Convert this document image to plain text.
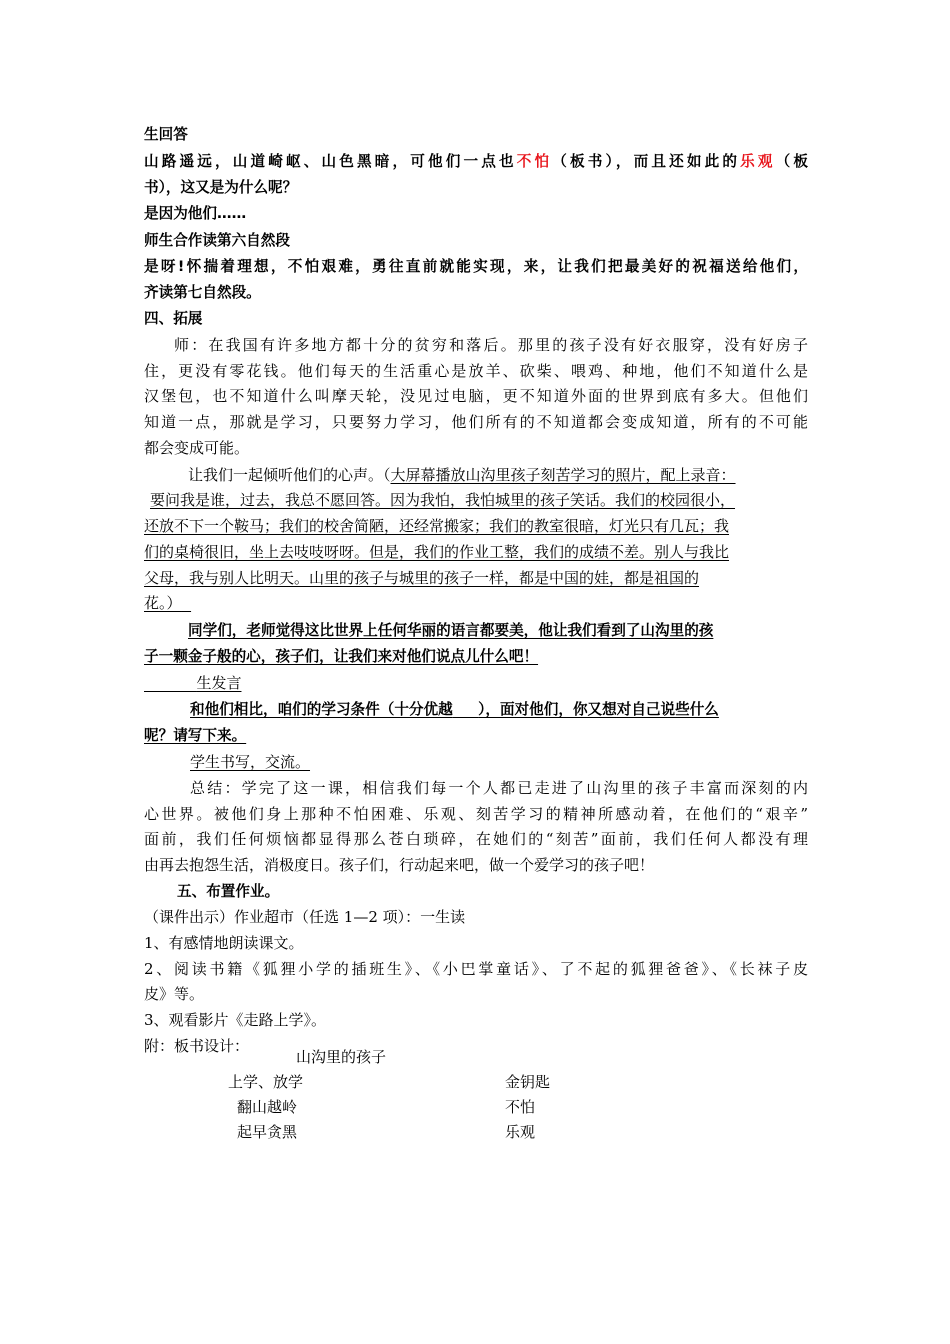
生回答
山路遥远，山道崎岖、山色黑暗，可他们一点也不怕（板书），而且还如此的乐观（板
书），这又是为什么呢？
是因为他们……
师生合作读第六自然段
是呀!怀揣着理想，不怕艰难，勇往直前就能实现，来，让我们把最美好的祝福送给他们，
齐读第七自然段。
四、拓展
师：在我国有许多地方都十分的贫穷和落后。那里的孩子没有好衣服穿，没有好房子
住，更没有零花钱。他们每天的生活重心是放羊、砍柴、喂鸡、种地，他们不知道什么是
汉堡包，也不知道什么叫摩天轮，没见过电脑，更不知道外面的世界到底有多大。但他们
知道一点，那就是学习，只要努力学习，他们所有的不知道都会变成知道，所有的不可能
都会变成可能。
让我们一起倾听他们的心声。（大屏幕播放山沟里孩子刻苦学习的照片，配上录音：
要问我是谁，过去，我总不愿回答。因为我怕，我怕城里的孩子笑话。我们的校园很小，
还放不下一个鞍马；我们的校舍简陋，还经常搬家；我们的教室很暗，灯光只有几瓦；我
们的桌椅很旧，坐上去吱吱呀呀。但是，我们的作业工整，我们的成绩不差。别人与我比
父母，我与别人比明天。山里的孩子与城里的孩子一样，都是中国的娃，都是祖国的
花。）
同学们，老师觉得这比世界上任何华丽的语言都要美，他让我们看到了山沟里的孩
子一颗金子般的心，孩子们，让我们来对他们说点儿什么吧！
生发言
和他们相比，咱们的学习条件（十分优越 ），面对他们，你又想对自己说些什么
呢？请写下来。
学生书写，交流。
总结：学完了这一课，相信我们每一个人都已走进了山沟里的孩子丰富而深刻的内
心世界。被他们身上那种不怕困难、乐观、刻苦学习的精神所感动着，在他们的“艰辛”
面前，我们任何烦恼都显得那么苍白琐碎，在她们的“刻苦”面前，我们任何人都没有理
由再去抱怨生活，消极度日。孩子们，行动起来吧，做一个爱学习的孩子吧！
五、布置作业。
（课件出示）作业超市（任选 1—2 项）：一生读
1、有感情地朗读课文。
2、阅读书籍《狐狸小学的插班生》、《小巴掌童话》、了不起的狐狸爸爸》、《长袜子皮
皮》等。
3、观看影片《走路上学》。
附：板书设计：
山沟里的孩子
上学、放学
翻山越岭
起早贪黑
金钥匙
不怕
乐观
